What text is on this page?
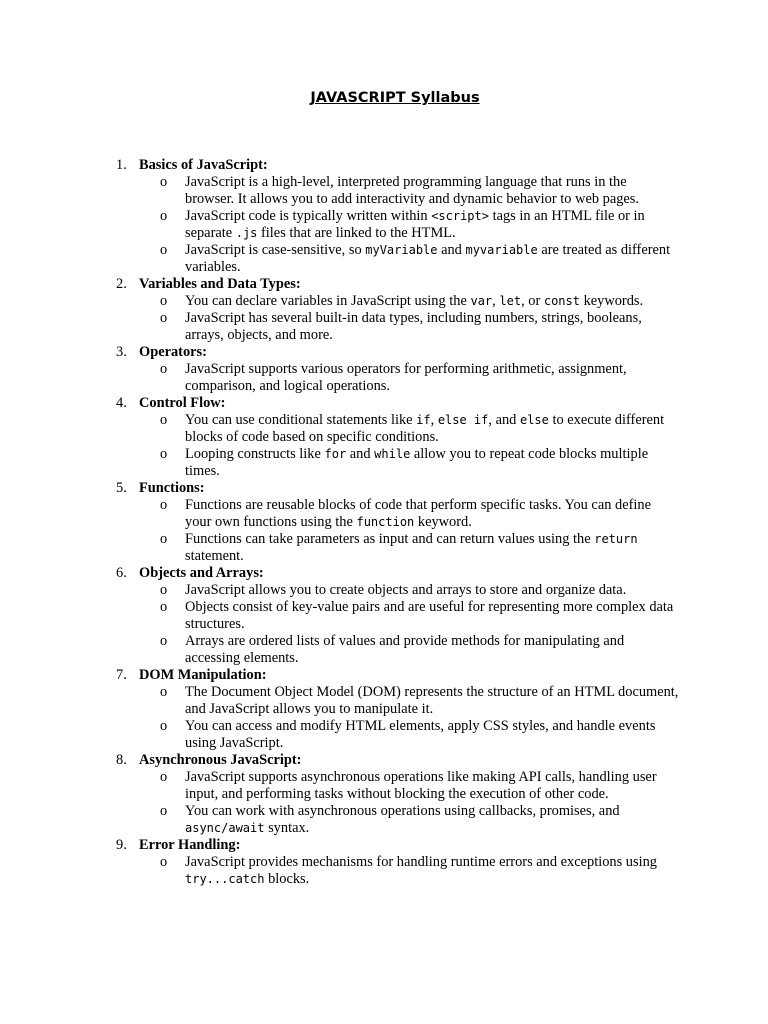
JAVASCRIPT Syllabus
1. Basics of JavaScript:
o JavaScript is a high-level, interpreted programming language that runs in the browser. It allows you to add interactivity and dynamic behavior to web pages.
o JavaScript code is typically written within <script> tags in an HTML file or in separate .js files that are linked to the HTML.
o JavaScript is case-sensitive, so myVariable and myvariable are treated as different variables.
2. Variables and Data Types:
o You can declare variables in JavaScript using the var, let, or const keywords.
o JavaScript has several built-in data types, including numbers, strings, booleans, arrays, objects, and more.
3. Operators:
o JavaScript supports various operators for performing arithmetic, assignment, comparison, and logical operations.
4. Control Flow:
o You can use conditional statements like if, else if, and else to execute different blocks of code based on specific conditions.
o Looping constructs like for and while allow you to repeat code blocks multiple times.
5. Functions:
o Functions are reusable blocks of code that perform specific tasks. You can define your own functions using the function keyword.
o Functions can take parameters as input and can return values using the return statement.
6. Objects and Arrays:
o JavaScript allows you to create objects and arrays to store and organize data.
o Objects consist of key-value pairs and are useful for representing more complex data structures.
o Arrays are ordered lists of values and provide methods for manipulating and accessing elements.
7. DOM Manipulation:
o The Document Object Model (DOM) represents the structure of an HTML document, and JavaScript allows you to manipulate it.
o You can access and modify HTML elements, apply CSS styles, and handle events using JavaScript.
8. Asynchronous JavaScript:
o JavaScript supports asynchronous operations like making API calls, handling user input, and performing tasks without blocking the execution of other code.
o You can work with asynchronous operations using callbacks, promises, and async/await syntax.
9. Error Handling:
o JavaScript provides mechanisms for handling runtime errors and exceptions using try...catch blocks.
